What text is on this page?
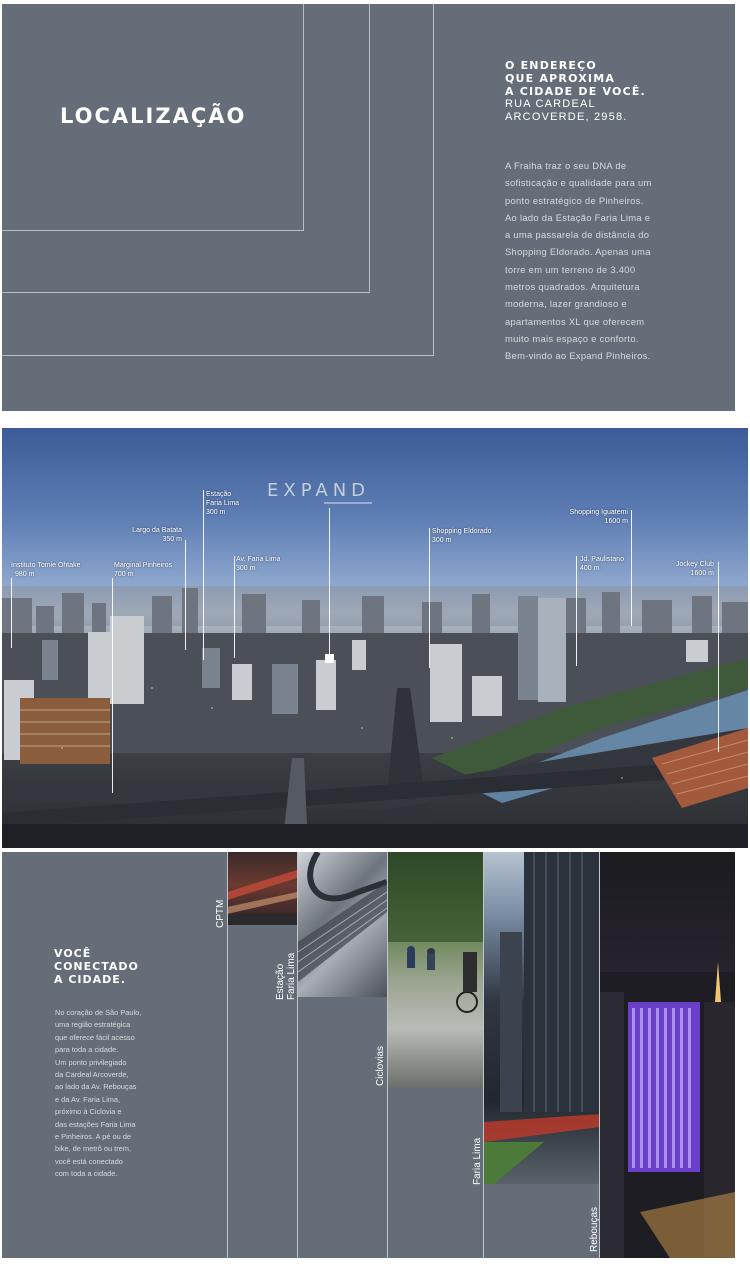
LOCALIZAÇÃO
O ENDEREÇO
QUE APROXIMA
A CIDADE DE VOCÊ.
RUA CARDEAL
ARCOVERDE, 2958.
A Fraiha traz o seu DNA de
sofisticação e qualidade para um
ponto estratégico de Pinheiros.
Ao lado da Estação Faria Lima e
a uma passarela de distância do
Shopping Eldorado. Apenas uma
torre em um terreno de 3.400
metros quadrados. Arquitetura
moderna, lazer grandioso e
apartamentos XL que oferecem
muito mais espaço e conforto.
Bem-vindo ao Expand Pinheiros.
EXPAND
Instituto Tomie Ohtake
980 m
Marginal Pinheiros
700 m
Largo da Batata
350 m
Estação
Faria Lima
300 m
Av. Faria Lima
300 m
Shopping Eldorado
300 m
Shopping Iguatemi
1600 m
Jd. Paulistano
400 m
Jockey Club
1600 m
VOCÊ
CONECTADO
A CIDADE.
No coração de São Paulo,
uma região estratégica
que oferece fácil acesso
para toda a cidade.
Um ponto privilegiado
da Cardeal Arcoverde,
ao lado da Av. Rebouças
e da Av. Faria Lima,
próximo à Ciclovia e
das estações Faria Lima
e Pinheiros. A pé ou de
bike, de metrô ou trem,
você está conectado
com toda a cidade.
CPTM
Estação
Faria Lima
Ciclovias
Faria Lima
Rebouças
